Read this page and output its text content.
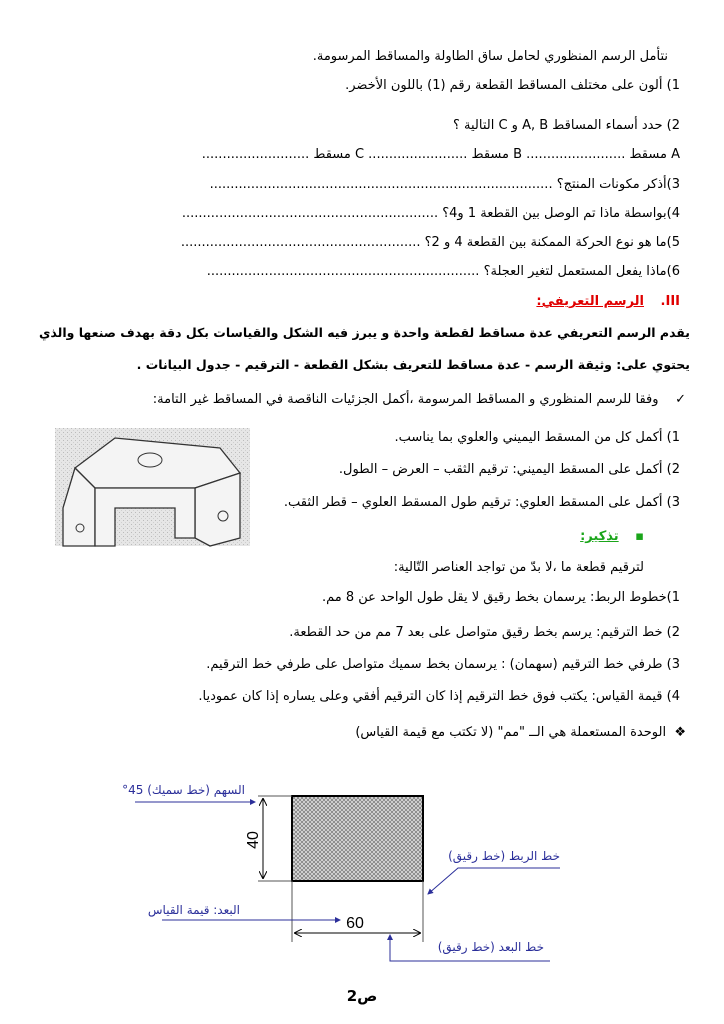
نتأمل الرسم المنظوري لحامل ساق الطاولة والمساقط المرسومة.
1) ألون على مختلف المساقط القطعة رقم (1) باللون الأخضر.
2) حدد أسماء المساقط A, B و C التالية ؟
A مسقط ........................ B مسقط ........................ C مسقط ..........................
3)أذكر مكونات المنتج؟ ...................................................................................
4)بواسطة ماذا تم الوصل بين القطعة 1 و4؟ ..............................................................
5)ما هو نوع الحركة الممكنة بين القطعة 4 و 2؟ ..........................................................
6)ماذا يفعل المستعمل لتغير العجلة؟ ..................................................................
III.    الرسم التعريفي:
يقدم الرسم التعريفي عدة مساقط لقطعة واحدة و يبرز فيه الشكل والقياسات بكل دقة بهدف صنعها والذي
يحتوي على: وثيقة الرسم - عدة مساقط للتعريف بشكل القطعة - الترقيم - جدول البيانات .
✓    وفقا للرسم المنظوري و المساقط المرسومة ،أكمل الجزئيات الناقصة في المساقط غير التامة:
1) أكمل كل من المسقط اليميني والعلوي بما يناسب.
2) أكمل على المسقط اليميني: ترقيم الثقب – العرض – الطول.
3) أكمل على المسقط العلوي: ترقيم طول المسقط العلوي – قطر الثقب.
▪    تذكير:
لترقيم قطعة ما ،لا بدّ من تواجد العناصر التّالية:
1)خطوط الربط: يرسمان بخط رقيق لا يقل طول الواحد عن 8 مم.
2) خط الترقيم: يرسم بخط رقيق متواصل على بعد 7 مم من حد القطعة.
3) طرفي خط الترقيم (سهمان) : يرسمان بخط سميك متواصل على طرفي خط الترقيم.
4) قيمة القياس: يكتب فوق خط الترقيم إذا كان الترقيم أفقي وعلى يساره إذا كان عموديا.
❖  الوحدة المستعملة هي الــ "مم" (لا تكتب مع قيمة القياس)
40
60
السهم (خط سميك) 45°
خط الربط (خط رقيق)
البعد: قيمة القياس
خط البعد (خط رقيق)
ص2
